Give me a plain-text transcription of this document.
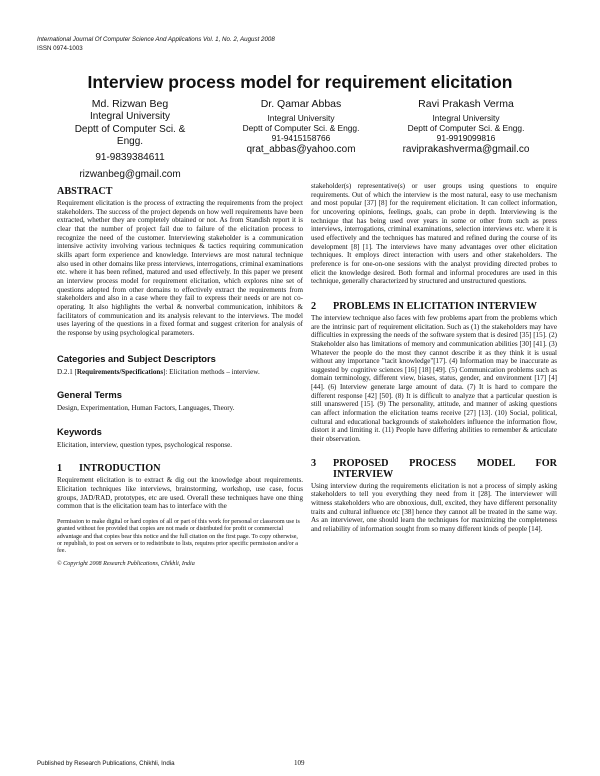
International Journal Of Computer Science And Applications Vol. 1, No. 2, August 2008
ISSN 0974-1003
Interview process model for requirement elicitation
Md. Rizwan Beg
Integral University
Deptt of Computer Sci. &
Engg.
91-9839384611
rizwanbeg@gmail.com
Dr. Qamar Abbas
Integral University
Deptt of Computer Sci. & Engg.
91-9415158766
qrat_abbas@yahoo.com
Ravi Prakash Verma
Integral University
Deptt of Computer Sci. & Engg.
91-9919099816
raviprakashverma@gmail.co
ABSTRACT

Requirement elicitation is the process of extracting the requirements from the project stakeholders. The success of the project depends on how well requirements have been extracted, whether they are completely obtained or not. As from Standish report it is clear that the number of project fail due to failure of the elicitation process to recognize the need of the customer. Interviewing stakeholder is a communication intensive activity involving various techniques & tactics requiring communication skills apart form experience and knowledge. Interviews are most natural technique also used in other domains like press interviews, interrogations, criminal examinations etc. where it has been refined, matured and used effectively. In this paper we present an interview process model for requirement elicitation, which explores nine set of questions adopted from other domains to effectively extract the requirements from stakeholders and also in a case where they fail to express their needs or are not co-operating. It also highlights the verbal & nonverbal communication, inhibitors & facilitators of communication and its analysis relevant to the interviews. The model uses layering of the questions in a fixed format and suggest criterion for analysis of the response by using psychological parameters.

Categories and Subject Descriptors

D.2.1 [Requirements/Specifications]: Elicitation methods – interview.

General Terms

Design, Experimentation, Human Factors, Languages, Theory.

Keywords

Elicitation, interview, question types, psychological response.

1 INTRODUCTION

Requirement elicitation is to extract & dig out the knowledge about requirements. Elicitation techniques like interviews, brainstorming, workshop, use case, focus groups, JAD/RAD, prototypes, etc are used. Overall these techniques have one thing common that is the elicitation team has to interface with the

Permission to make digital or hard copies of all or part of this work for personal or classroom use is granted without fee provided that copies are not made or distributed for profit or commercial advantage and that copies bear this notice and the full citation on the first page. To copy otherwise, or republish, to post on servers or to redistribute to lists, requires prior specific permission and/or a fee.

© Copyright 2008 Research Publications, Chikhli, India

stakeholder(s) representative(s) or user groups using questions to enquire requirements. Out of which the interview is the most natural, easy to use mechanism and most popular [37] [8] for the requirement elicitation. It can collect information, for uncovering opinions, feelings, goals, can probe in depth. Interviewing is the technique that has being used over years in some or other from such as press interviews, interrogations, criminal examinations, selection interviews etc. where it is used effectively and the techniques has matured and refined during the course of its development [8] [1]. The interviews have many advantages over other elicitation techniques. It employs direct interaction with users and other stakeholders. The preference is for one-on-one sessions with the analyst providing directed probes to elicit the knowledge desired. Both formal and informal procedures are used in this technique, generally characterized by structured and unstructured questions.

2 PROBLEMS IN ELICITATION INTERVIEW

The interview technique also faces with few problems apart from the problems which are the intrinsic part of requirement elicitation. Such as (1) the stakeholders may have difficulties in expressing the needs of the software system that is desired [35] [15]. (2) Stakeholder also has limitations of memory and communication abilities [30] [41]. (3) Whatever the people do the most they cannot describe it as they think it is usual without any importance "tacit knowledge"[17]. (4) Information may be inaccurate as suggested by cognitive sciences [16] [18] [49]. (5) Communication problems such as domain terminology, different view, biases, status, gender, and environment [17] [4] [44]. (6) Interview generate large amount of data. (7) It is hard to compare the different response [42] [50]. (8) It is difficult to analyze that a particular question is still unanswered [15]. (9) The personality, attitude, and manner of asking questions can affect information the elicitation teams receive [27] [13]. (10) Social, political, cultural and educational backgrounds of stakeholders influence the information flow, distort it and limiting it. (11) People have differing abilities to remember & articulate their observation.

3 PROPOSED PROCESS MODEL FOR INTERVIEW

Using interview during the requirements elicitation is not a process of simply asking stakeholders to tell you everything they need from it [28]. The interviewer will witness stakeholders who are obnoxious, dull, excited, they have different personality traits and cultural influence etc [38] hence they cannot all be treated in the same way. As an interviewer, one should learn the techniques for maximizing the completeness and reliability of information sought from so many different kinds of people [14].

Published by Research Publications, Chikhli, India	109
